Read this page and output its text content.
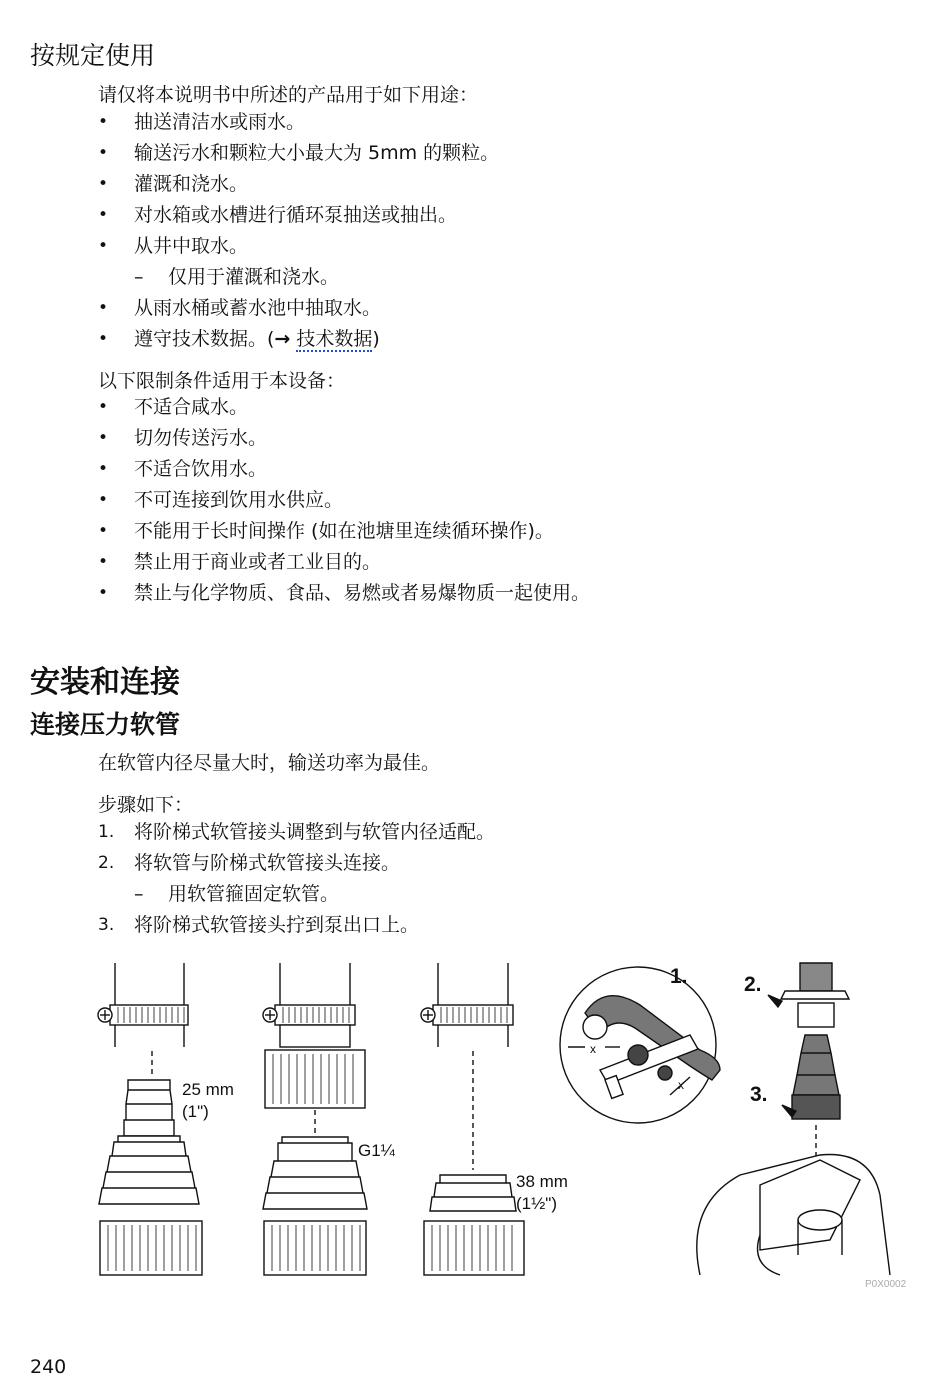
按规定使用

请仅将本说明书中所述的产品用于如下用途：

•	抽送清洁水或雨水。
•	输送污水和颗粒大小最大为 5mm 的颗粒。
•	灌溉和浇水。
•	对水箱或水槽进行循环泵抽送或抽出。
•	从井中取水。
– 仅用于灌溉和浇水。
•	从雨水桶或蓄水池中抽取水。
•	遵守技术数据。(→ 技术数据)

以下限制条件适用于本设备：

•	不适合咸水。
•	切勿传送污水。
•	不适合饮用水。
•	不可连接到饮用水供应。
•	不能用于长时间操作 (如在池塘里连续循环操作)。
•	禁止用于商业或者工业目的。
•	禁止与化学物质、食品、易燃或者易爆物质一起使用。
安装和连接
连接压力软管

在软管内径尽量大时，输送功率为最佳。

步骤如下：

1. 将阶梯式软管接头调整到与软管内径适配。
2. 将软管与阶梯式软管接头连接。
– 用软管箍固定软管。
3. 将阶梯式软管接头拧到泵出口上。
25 mm
(1")
G1¼
38 mm
(1½")
1.	2.
3.
x
x
P0X0002
240
